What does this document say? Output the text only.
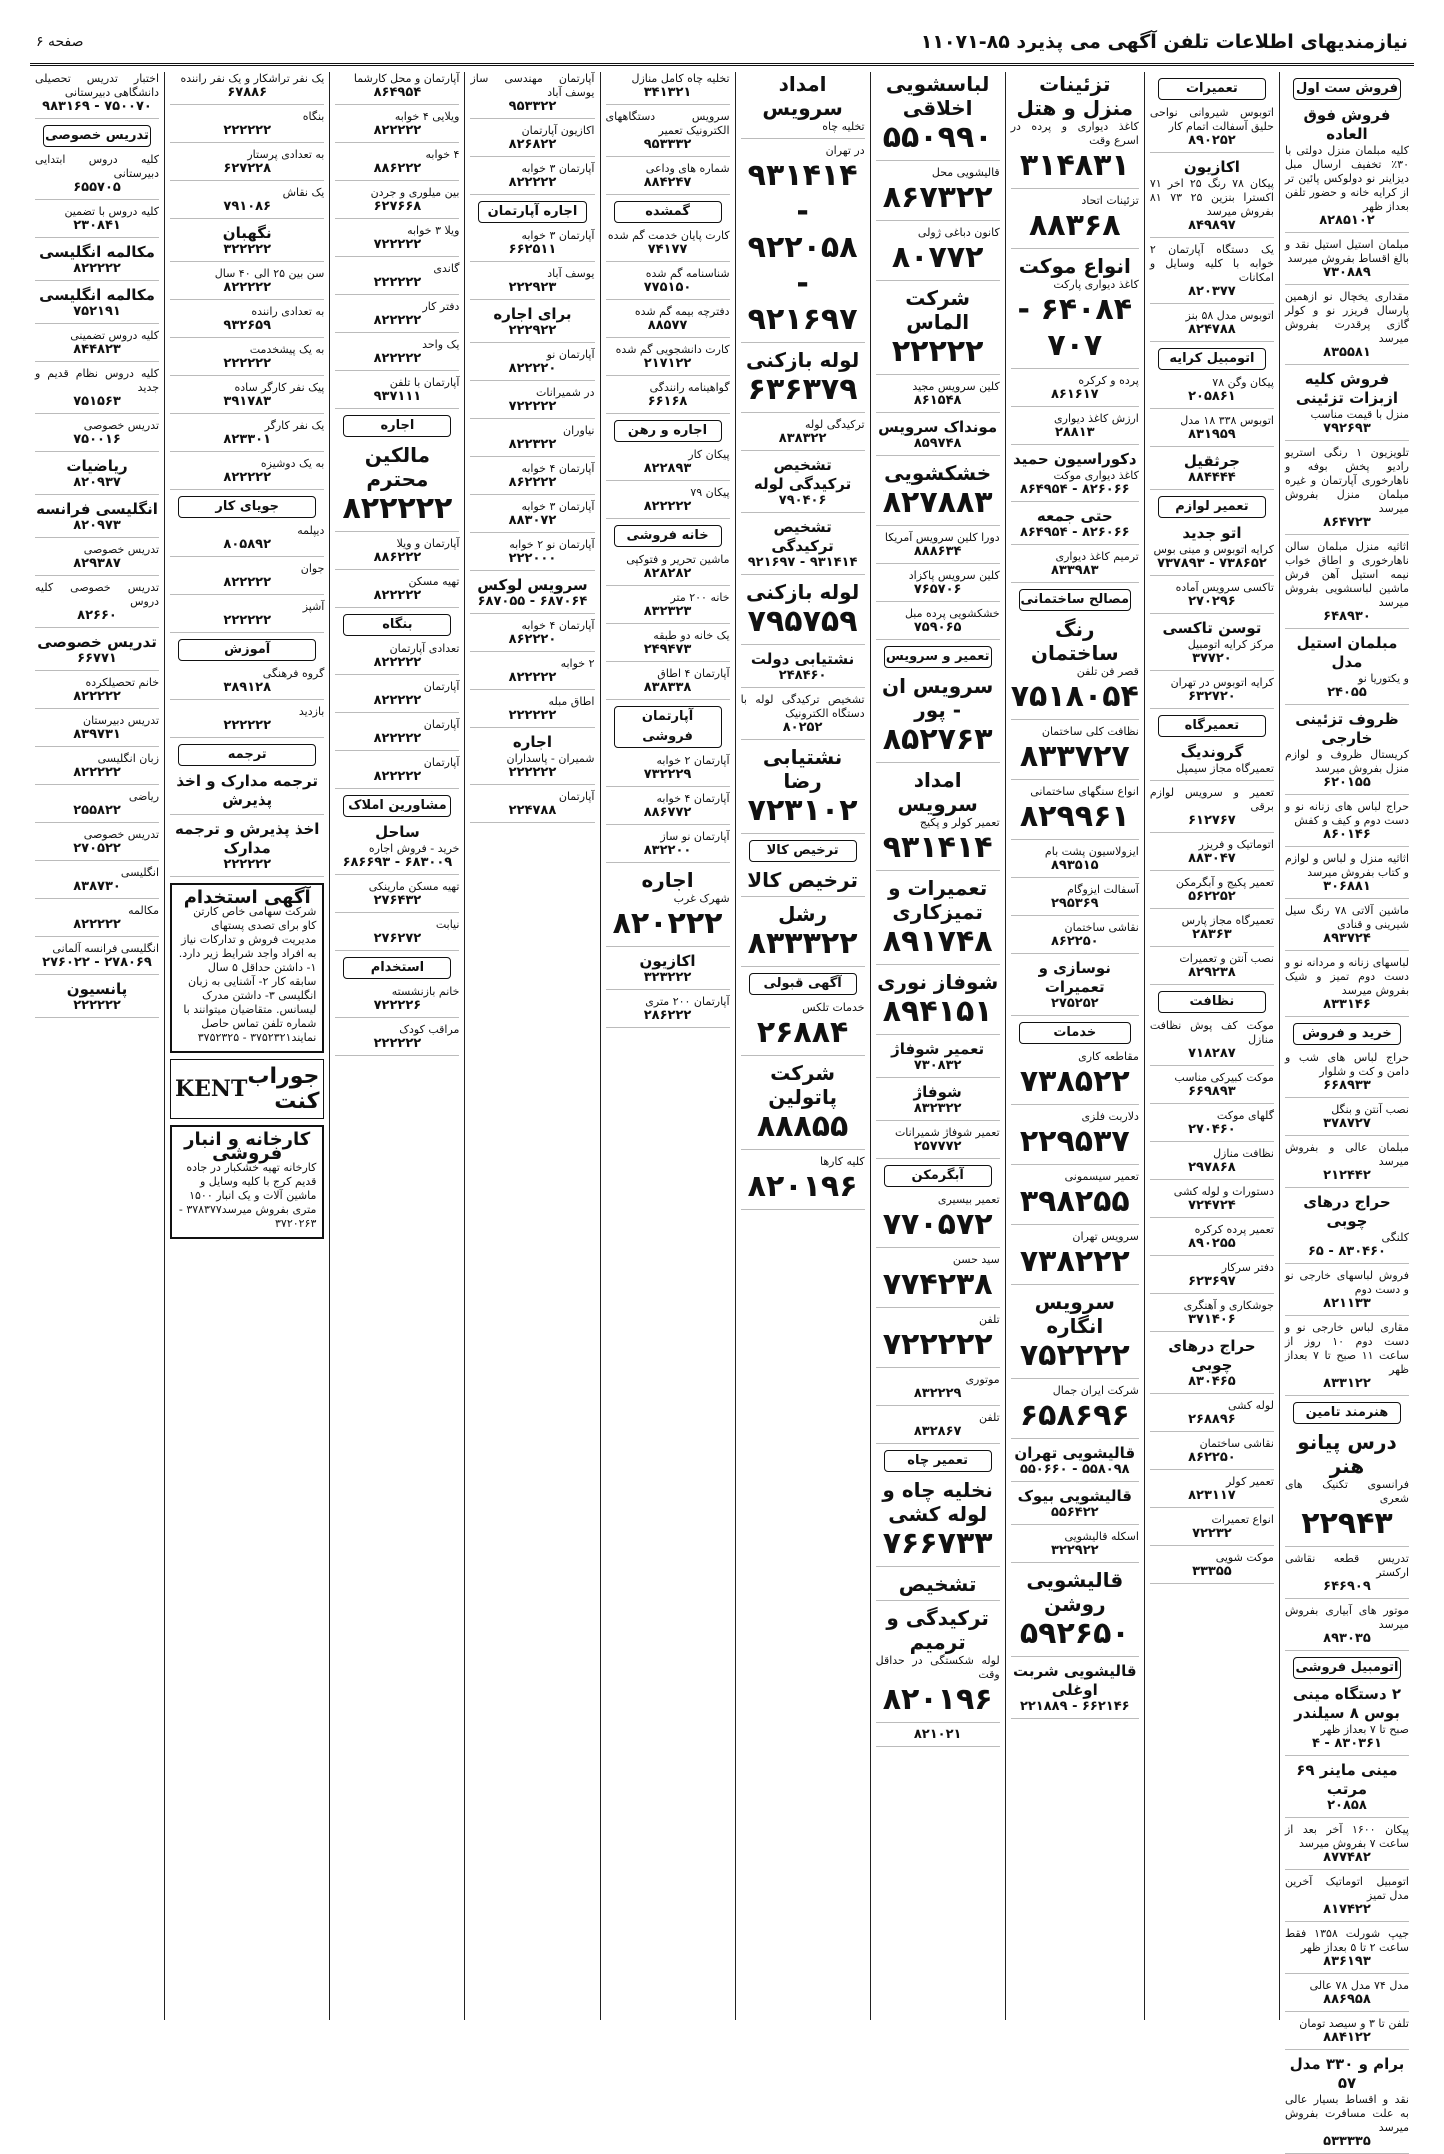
نیازمندیهای اطلاعات تلفن آگهی می پذیرد ۸۵-۱۱۰۷۱
صفحه ۶
فروش ست اول
فروش فوق العاده
کلیه مبلمان منزل دولتی با ۳۰٪ تخفیف ارسال مبل دیزاینر نو دولوکس پائین تر از کرایه خانه و حضور تلفن بعداز ظهر
۸۲۸۵۱۰۲
مبلمان استیل استیل نقد و بالغ اقساط بفروش میرسد
۷۳۰۸۸۹
مقداری یخچال نو ازهمین پارسال فریزر نو و کولر گازی پرقدرت بفروش میرسد
۸۳۵۵۸۱
فروش کلیه ازبزات تزئینی
منزل با قیمت مناسب
۷۹۲۶۹۳
تلویزیون ۱ رنگی استریو رادیو پخش بوفه و ناهارخوری آپارتمان و غیره مبلمان منزل بفروش میرسد
۸۶۴۷۲۳
اثاثیه منزل مبلمان سالن ناهارخوری و اطاق خواب نیمه استیل آهن فرش ماشین لباسشویی بفروش میرسد
۶۴۸۹۳۰
مبلمان استیل مدل
و یکتوریا نو
۲۴۰۵۵
ظروف تزئینی خارجی
کریستال ظروف و لوازم منزل بفروش میرسد
۶۲۰۱۵۵
حراج لباس های زنانه نو و دست دوم و کیف و کفش
۸۶۰۱۴۶
اثاثیه منزل و لباس و لوازم و کتاب بفروش میرسد
۳۰۶۸۸۱
ماشین آلاتی ۷۸ رنگ سیل شیرینی و قنادی
۸۹۳۷۲۴
لباسهای زنانه و مردانه نو و دست دوم تمیز و شیک بفروش میرسد
۸۳۳۱۴۶
خرید و فروش
حراج لباس های شب و دامن و کت و شلوار
۶۶۸۹۳۳
نصب آنتن و بنگل
۳۷۸۷۲۷
مبلمان عالی و بفروش میرسد
۲۱۲۴۴۲
حراج درهای چوبی
کلنگی
۸۳۰۴۶۰ - ۶۵
فروش لباسهای خارجی نو و دست دوم
۸۲۱۱۳۳
مقاری لباس خارجی نو و دست دوم ۱۰ روز از ساعت ۱۱ صبح تا ۷ بعداز ظهر
۸۳۳۱۲۲
هنرمند تامین
درس پیانو هنر
فرانسوی تکنیک های شعری
۲۲۹۴۳
تدریس قطعه نقاشی ارکستر
۶۴۶۹۰۹
موتور های آبیاری بفروش میرسد
۸۹۳۰۳۵
اتومبیل فروشی
۲ دستگاه مینی بوس ۸ سیلندر
صبح تا ۷ بعداز ظهر
۸۳۰۳۶۱ - ۴
مینی ماینر ۶۹ مرتب
۲۰۸۵۸
پیکان ۱۶۰۰ آخر بعد از ساعت ۷ بفروش میرسد
۸۷۷۴۸۲
اتومبیل اتوماتیک آخرین مدل تمیز
۸۱۷۴۲۲
جیپ شورلت ۱۳۵۸ فقط ساعت ۲ تا ۵ بعداز ظهر
۸۳۶۱۹۳
مدل ۷۴ مدل ۷۸ عالی
۸۸۶۹۵۸
تلفن تا ۳ و سیصد تومان
۸۸۴۱۲۲
برام و ۳۳۰ مدل ۵۷
نقد و اقساط بسیار عالی به علت مسافرت بفروش میرسد
۵۳۳۳۳۵
تعمیرات
اتوبوس شیروانی نواحی حلیق آسفالت اتمام کار
۸۹۰۲۵۲
اکازیون
پیکان ۷۸ رنگ ۲۵ اخر ۷۱ اکسترا بنزین ۲۵ ۷۳ ۸۱ بفروش میرسد
۸۴۹۸۹۷
یک دستگاه آپارتمان ۲ خوابه با کلیه وسایل و امکانات
۸۲۰۳۷۷
اتوبوس مدل ۵۸ بنز
۸۲۴۷۸۸
اتومبیل کرایه
پیکان وگن ۷۸
۲۰۵۸۶۱
اتوبوس ۳۳۸ ۱۸ مدل
۸۳۱۹۵۹
جرثقیل
۸۸۴۴۴۴
تعمیر لوازم
اتو جدید
کرایه اتوبوس و مینی بوس
۷۳۸۶۵۲ - ۷۳۷۸۹۳
تاکسی سرویس آماده
۲۷۰۲۹۶
توسن تاکسی
مرکز کرایه اتومبیل
۳۷۷۲۰
کرایه اتوبوس در تهران
۶۳۲۷۲۰
تعمیرگاه
گروندیگ
تعمیرگاه مجاز سیمپل
تعمیر و سرویس لوازم برقی
۶۱۲۷۶۷
اتوماتیک و فریزر
۸۸۳۰۴۷
تعمیر پکیج و آبگرمکن
۵۶۲۲۵۲
تعمیرگاه مجاز پارس
۲۸۳۶۳
نصب آنتن و تعمیرات
۸۲۹۲۳۸
نظافت
موکت کف پوش نظافت منازل
۷۱۸۲۸۷
موکت کبیرکی مناسب
۶۶۹۸۹۳
گلهای موکت
۲۷۰۴۶۰
نظافت منازل
۲۹۷۸۶۸
دستورات و لوله کشی
۷۲۴۷۲۴
تعمیر پرده کرکره
۸۹۰۲۵۵
دفتر سرکار
۶۲۳۶۹۷
جوشکاری و آهنگری
۳۷۱۴۰۶
حراج درهای چوبی
۸۳۰۴۶۵
لوله کشی
۲۶۸۸۹۶
نقاشی ساختمان
۸۶۲۲۵۰
تعمیر کولر
۸۲۳۱۱۷
انواع تعمیرات
۷۲۲۳۲
موکت شویی
۳۳۳۵۵
تزئینات منزل و هتل
کاغذ دیواری و پرده در اسرع وقت
۳۱۴۸۳۱
تزئینات اتحاد
۸۸۳۶۸
انواع موکت
کاغذ دیواری پارکت
۶۴۰۸۴ - ۷۰۷
پرده و کرکره
۸۶۱۶۱۷
ارزش کاغذ دیواری
۲۸۸۱۳
دکوراسیون حمید
کاغذ دیواری موکت
۸۲۶۰۶۶ - ۸۶۴۹۵۴
حتی جمعه
۸۲۶۰۶۶ - ۸۶۴۹۵۴
ترمیم کاغذ دیواری
۸۳۳۹۸۳
مصالح ساختمانی
رنگ ساختمان
قصر فن تلفن
۷۵۱۸۰۵۴
نظافت کلی ساختمان
۸۳۳۷۲۷
انواع سنگهای ساختمانی
۸۲۹۹۶۱
ایزولاسیون پشت بام
۸۹۳۵۱۵
آسفالت ایزوگام
۲۹۵۳۶۹
نقاشی ساختمان
۸۶۲۲۵۰
نوسازی و تعمیرات
۲۷۵۲۵۲
خدمات
مقاطعه کاری
۷۳۸۵۲۲
دلاربت فلزی
۲۲۹۵۳۷
تعمیر سیسمونی
۳۹۸۲۵۵
سرویس تهران
۷۳۸۲۲۲
سرویس انگاره
۷۵۲۲۲۲
شرکت ایران جمال
۶۵۸۶۹۶
قالیشویی تهران
۵۵۸۰۹۸ - ۵۵۰۶۶۰
قالیشویی بیوک
۵۵۶۴۲۲
اسکله قالیشویی
۳۲۲۹۲۲
قالیشویی روشن
۵۹۲۶۵۰
قالیشویی شربت اوغلی
۶۶۲۱۴۶ - ۲۲۱۸۸۹
لباسشویی اخلاقی
۵۵۰۹۹۰
قالیشویی محل
۸۶۷۳۲۲
کانون دباغی ژولی
۸۰۷۷۲
شرکت الماس
۲۲۲۲۲
کلین سرویس مجید
۸۶۱۵۴۸
مونداک سرویس
۸۵۹۷۴۸
خشکشویی
۸۲۷۸۸۳
دورا کلین سرویس آمریکا
۸۸۸۶۳۴
کلین سرویس پاکزاد
۷۶۵۷۰۶
خشکشویی پرده مبل
۷۵۹۰۶۵
تعمیر و سرویس
سرویس ان - پور
۸۵۲۷۶۳
امداد سرویس
تعمیر کولر و پکیج
۹۳۱۴۱۴
تعمیرات و تمیزکاری
۸۹۱۷۴۸
شوفاز نوری
۸۹۴۱۵۱
تعمیر شوفاژ
۷۳۰۸۳۲
شوفاژ
۸۳۲۳۲۲
تعمیر شوفاژ شمیرانات
۲۵۷۷۷۲
آبگرمکن
تعمیر بیسیری
۷۷۰۵۷۲
سید حسن
۷۷۴۲۳۸
تلفن
۷۲۲۲۲۲
موتوری
۸۳۲۲۲۹
تلفن
۸۳۲۸۶۷
تعمیر چاه
نخلیه چاه و لوله کشی
۷۶۶۷۳۳
تشخیص
ترکیدگی و ترمیم
لوله شکستگی در حداقل وقت
۸۲۰۱۹۶
۸۲۱۰۲۱
امداد سرویس
تخلیه چاه
در تهران
۹۳۱۴۱۴ - ۹۲۲۰۵۸ - ۹۲۱۶۹۷
لوله بازکنی
۶۳۶۳۷۹
ترکیدگی لوله
۸۳۸۳۲۲
تشخیص ترکیدگی لوله
۷۹۰۴۰۶
تشخیص ترکیدگی
۹۳۱۴۱۴ - ۹۲۱۶۹۷
لوله بازکنی
۷۹۵۷۵۹
نشتیابی دولت
۲۴۸۴۶۰
تشخیص ترکیدگی لوله با دستگاه الکترونیک
۸۰۲۵۲
نشتیابی رضا
۷۲۳۱۰۲
ترخیص کالا
ترخیص کالا
رشل
۸۳۳۳۲۲
آگهی قبولی
خدمات تلکس
۲۶۸۸۴
شرکت پاتولین
۸۸۸۵۵
کلیه کارها
۸۲۰۱۹۶
تخلیه چاه کامل منازل
۳۴۱۳۲۱
سرویس دستگاههای الکترونیک تعمیر
۹۵۳۳۳۲
شماره های وداعی
۸۸۴۲۴۷
گمشده
کارت پایان خدمت گم شده
۷۴۱۷۷
شناسنامه گم شده
۷۷۵۱۵۰
دفترچه بیمه گم شده
۸۸۵۷۷
کارت دانشجویی گم شده
۲۱۷۱۲۲
گواهینامه رانندگی
۶۶۱۶۸
اجاره و رهن
پیکان کار
۸۲۲۸۹۳
پیکان ۷۹
۸۲۲۲۲۲
خانه فروشی
ماشین تحریر و فتوکپی
۸۲۸۲۸۲
خانه ۲۰۰ متر
۸۳۲۳۲۳
یک خانه دو طبقه
۲۴۹۴۷۳
آپارتمان ۴ اطاق
۸۳۸۳۳۸
آپارتمان فروشی
آپارتمان ۲ خوابه
۷۳۲۲۲۹
آپارتمان ۴ خوابه
۸۸۶۷۷۲
آپارتمان نو ساز
۸۳۲۲۰۰
اجاره
شهرک غرب
۸۲۰۲۲۲
اکازیون
۳۲۳۲۲۲
آپارتمان ۲۰۰ متری
۲۸۶۲۲۲
آپارتمان مهندسی ساز یوسف آباد
۹۵۳۳۲۲
اکازیون آپارتمان
۸۲۶۸۲۲
آپارتمان ۳ خوابه
۸۲۲۲۲۲
اجاره آپارتمان
آپارتمان ۳ خوابه
۶۶۲۵۱۱
یوسف آباد
۲۲۲۹۲۳
برای اجاره
۲۲۲۹۲۲
آپارتمان نو
۸۲۲۲۲۰
در شمیرانات
۷۲۲۲۲۲
نیاوران
۸۲۲۳۲۲
آپارتمان ۴ خوابه
۸۶۲۲۲۲
آپارتمان ۳ خوابه
۸۸۳۰۷۲
آپارتمان نو ۲ خوابه
۲۲۲۰۰۰
سرویس لوکس
۶۸۷۰۶۴ - ۶۸۷۰۵۵
آپارتمان ۴ خوابه
۸۶۲۲۲۰
۲ خوابه
۸۲۲۲۲۲
اطاق مبله
۲۲۲۲۲۲
اجاره
شمیران - پاسداران
۲۲۲۲۲۲
آپارتمان
۲۲۴۷۸۸
آپارتمان و محل کارشما
۸۶۴۹۵۴
ویلایی ۴ خوابه
۸۲۲۲۲۲
۴ خوابه
۸۸۶۲۲۲
بین میلوری و جردن
۶۲۷۶۶۸
ویلا ۳ خوابه
۷۲۲۲۲۲
گاندی
۲۲۲۲۲۲
دفتر کار
۸۲۲۲۲۲
یک واحد
۸۲۲۲۲۲
آپارتمان با تلفن
۹۳۷۱۱۱
اجاره
مالکین محترم
۸۲۲۲۲۲
آپارتمان و ویلا
۸۸۶۲۲۲
تهیه مسکن
۸۲۲۲۲۲
بنگاه
تعدادی آپارتمان
۸۲۲۲۲۲
آپارتمان
۸۲۲۲۲۲
آپارتمان
۸۲۲۲۲۲
آپارتمان
۸۲۲۲۲۲
مشاورین املاک
ساحل
خرید - فروش اجاره
۶۸۳۰۰۹ - ۶۸۶۶۹۳
تهیه مسکن مارینکی
۲۷۶۴۳۲
نیابت
۲۷۶۲۷۲
استخدام
خانم بازنشسته
۷۲۲۲۲۶
مراقب کودک
۲۲۲۲۲۲
یک نفر تراشکار و یک نفر راننده
۶۷۸۸۶
بنگاه
۲۲۲۲۲۲
به تعدادی پرستار
۶۲۷۲۲۸
یک نقاش
۷۹۱۰۸۶
نگهبان
۳۲۲۲۲۲
سن بین ۲۵ الی ۴۰ سال
۸۲۲۲۲۲
به تعدادی راننده
۹۳۲۶۵۹
به یک پیشخدمت
۲۲۲۲۲۲
پیک نفر کارگر ساده
۳۹۱۷۸۳
یک نفر کارگر
۸۲۳۳۰۱
به یک دوشیزه
۸۲۲۲۲۲
جویای کار
دیپلمه
۸۰۵۸۹۲
جوان
۸۲۲۲۲۲
آشپز
۲۲۲۲۲۲
آموزش
گروه فرهنگی
۳۸۹۱۲۸
بازدید
۲۲۲۲۲۲
ترجمه
ترجمه مدارک و اخذ پذیرش
اخذ پذیرش و ترجمه مدارک
۲۲۲۲۲۲
آگهی استخدام
شرکت سهامی خاص کارتن کاو برای تصدی پستهای مدیریت فروش و تدارکات نیاز به افراد واجد شرایط زیر دارد. ۱- داشتن حداقل ۵ سال سابقه کار ۲- آشنایی به زبان انگلیسی ۳- داشتن مدرک لیسانس. متقاضیان میتوانند با شماره تلفن تماس حاصل نمایند۳۷۵۲۳۲۱ - ۳۷۵۲۳۲۵
KENT جوراب کنت
کارخانه و انبار فروشی
کارخانه تهیه خشکبار در جاده قدیم کرج با کلیه وسایل و ماشین آلات و یک انبار ۱۵۰۰ متری بفروش میرسد۳۷۸۳۷۷ - ۳۷۲۰۲۶۳
اختبار تدریس تحصیلی دانشگاهی دبیرستانی
۷۵۰۰۷۰ - ۹۸۳۱۶۹
تدریس خصوصی
کلیه دروس ابتدایی دبیرستانی
۶۵۵۷۰۵
کلیه دروس با تضمین
۲۳۰۸۴۱
مکالمه انگلیسی
۸۲۲۲۲۲
مکالمه انگلیسی
۷۵۲۱۹۱
کلیه دروس تضمینی
۸۴۴۸۲۳
کلیه دروس نظام قدیم و جدید
۷۵۱۵۶۳
تدریس خصوصی
۷۵۰۰۱۶
ریاضیات
۸۲۰۹۳۷
انگلیسی فرانسه
۸۲۰۹۷۳
تدریس خصوصی
۸۲۹۳۸۷
تدریس خصوصی کلیه دروس
۸۲۶۶۰
تدریس خصوصی
۶۶۷۷۱
خانم تحصیلکرده
۸۲۲۲۲۲
تدریس دبیرستان
۸۳۹۷۳۱
زبان انگلیسی
۸۲۲۲۲۲
ریاضی
۲۵۵۸۲۲
تدریس خصوصی
۲۷۰۵۲۲
انگلیسی
۸۳۸۷۳۰
مکالمه
۸۲۲۲۲۲
انگلیسی فرانسه آلمانی
۲۷۸۰۶۹ - ۲۷۶۰۲۲
پانسیون
۲۲۲۲۲۲
